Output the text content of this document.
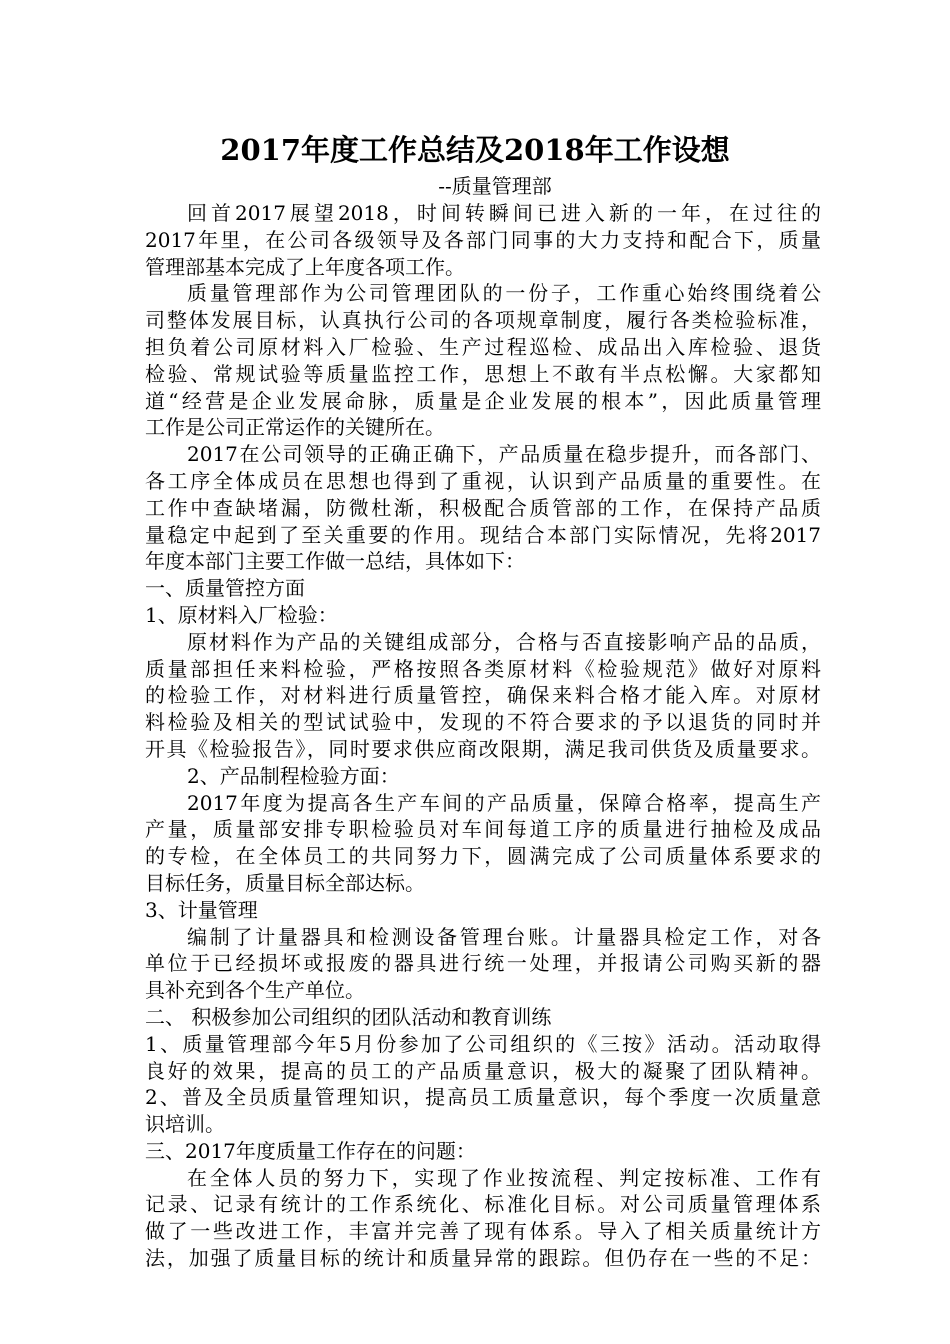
2017年度工作总结及2018年工作设想
--质量管理部
回首2017展望2018，时间转瞬间已进入新的一年，在过往的
2017年里，在公司各级领导及各部门同事的大力支持和配合下，质量
管理部基本完成了上年度各项工作。
质量管理部作为公司管理团队的一份子，工作重心始终围绕着公
司整体发展目标，认真执行公司的各项规章制度，履行各类检验标准，
担负着公司原材料入厂检验、生产过程巡检、成品出入库检验、退货
检验、常规试验等质量监控工作，思想上不敢有半点松懈。大家都知
道“经营是企业发展命脉，质量是企业发展的根本”，因此质量管理
工作是公司正常运作的关键所在。
2017在公司领导的正确正确下，产品质量在稳步提升，而各部门、
各工序全体成员在思想也得到了重视，认识到产品质量的重要性。在
工作中查缺堵漏，防微杜渐，积极配合质管部的工作，在保持产品质
量稳定中起到了至关重要的作用。现结合本部门实际情况，先将2017
年度本部门主要工作做一总结，具体如下：
一、质量管控方面
1、原材料入厂检验：
原材料作为产品的关键组成部分，合格与否直接影响产品的品质，
质量部担任来料检验，严格按照各类原材料《检验规范》做好对原料
的检验工作，对材料进行质量管控，确保来料合格才能入库。对原材
料检验及相关的型试试验中，发现的不符合要求的予以退货的同时并
开具《检验报告》，同时要求供应商改限期，满足我司供货及质量要求。
2、产品制程检验方面：
2017年度为提高各生产车间的产品质量，保障合格率，提高生产
产量，质量部安排专职检验员对车间每道工序的质量进行抽检及成品
的专检，在全体员工的共同努力下，圆满完成了公司质量体系要求的
目标任务，质量目标全部达标。
3、计量管理
编制了计量器具和检测设备管理台账。计量器具检定工作，对各
单位于已经损坏或报废的器具进行统一处理，并报请公司购买新的器
具补充到各个生产单位。
二、 积极参加公司组织的团队活动和教育训练
1、质量管理部今年5月份参加了公司组织的《三按》活动。活动取得
良好的效果，提高的员工的产品质量意识，极大的凝聚了团队精神。
2、普及全员质量管理知识，提高员工质量意识，每个季度一次质量意
识培训。
三、2017年度质量工作存在的问题：
在全体人员的努力下，实现了作业按流程、判定按标准、工作有
记录、记录有统计的工作系统化、标准化目标。对公司质量管理体系
做了一些改进工作，丰富并完善了现有体系。导入了相关质量统计方
法，加强了质量目标的统计和质量异常的跟踪。但仍存在一些的不足：
